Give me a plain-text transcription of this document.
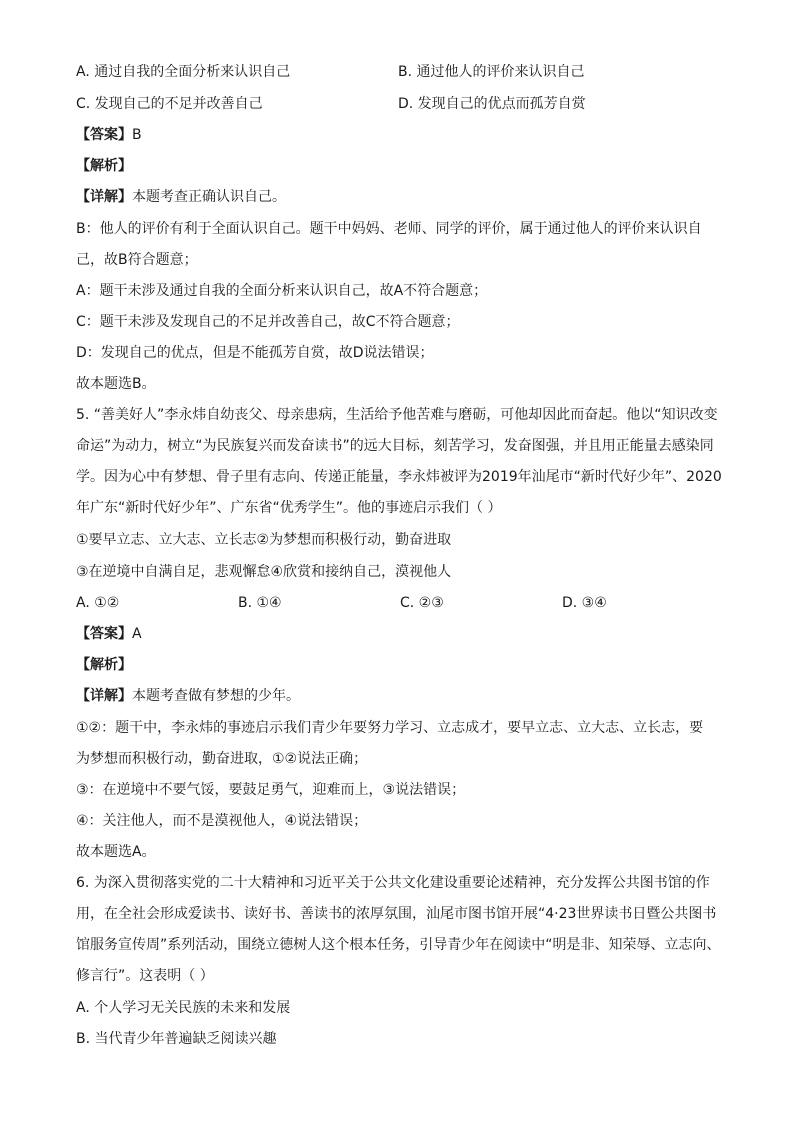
A. 通过自我的全面分析来认识自己	B. 通过他人的评价来认识自己
C. 发现自己的不足并改善自己	D. 发现自己的优点而孤芳自赏
【答案】B
【解析】
【详解】本题考查正确认识自己。
B：他人的评价有利于全面认识自己。题干中妈妈、老师、同学的评价，属于通过他人的评价来认识自
己，故B符合题意；
A：题干未涉及通过自我的全面分析来认识自己，故A不符合题意；
C：题干未涉及发现自己的不足并改善自己，故C不符合题意；
D：发现自己的优点，但是不能孤芳自赏，故D说法错误；
故本题选B。
5. “善美好人”李永炜自幼丧父、母亲患病，生活给予他苦难与磨砺，可他却因此而奋起。他以“知识改变
命运”为动力，树立“为民族复兴而发奋读书”的远大目标，刻苦学习，发奋图强，并且用正能量去感染同
学。因为心中有梦想、骨子里有志向、传递正能量，李永炜被评为2019年汕尾市“新时代好少年”、2020
年广东“新时代好少年”、广东省“优秀学生”。他的事迹启示我们（ ）
①要早立志、立大志、立长志②为梦想而积极行动，勤奋进取
③在逆境中自满自足，悲观懈怠④欣赏和接纳自己，漠视他人
A. ①②	B. ①④	C. ②③	D. ③④
【答案】A
【解析】
【详解】本题考查做有梦想的少年。
①②：题干中，李永炜的事迹启示我们青少年要努力学习、立志成才，要早立志、立大志、立长志，要
为梦想而积极行动，勤奋进取，①②说法正确；
③：在逆境中不要气馁，要鼓足勇气，迎难而上，③说法错误；
④：关注他人，而不是漠视他人，④说法错误；
故本题选A。
6. 为深入贯彻落实党的二十大精神和习近平关于公共文化建设重要论述精神，充分发挥公共图书馆的作
用，在全社会形成爱读书、读好书、善读书的浓厚氛围，汕尾市图书馆开展“4·23世界读书日暨公共图书
馆服务宣传周”系列活动，围绕立德树人这个根本任务，引导青少年在阅读中“明是非、知荣辱、立志向、
修言行”。这表明（ ）
A. 个人学习无关民族的未来和发展
B. 当代青少年普遍缺乏阅读兴趣
